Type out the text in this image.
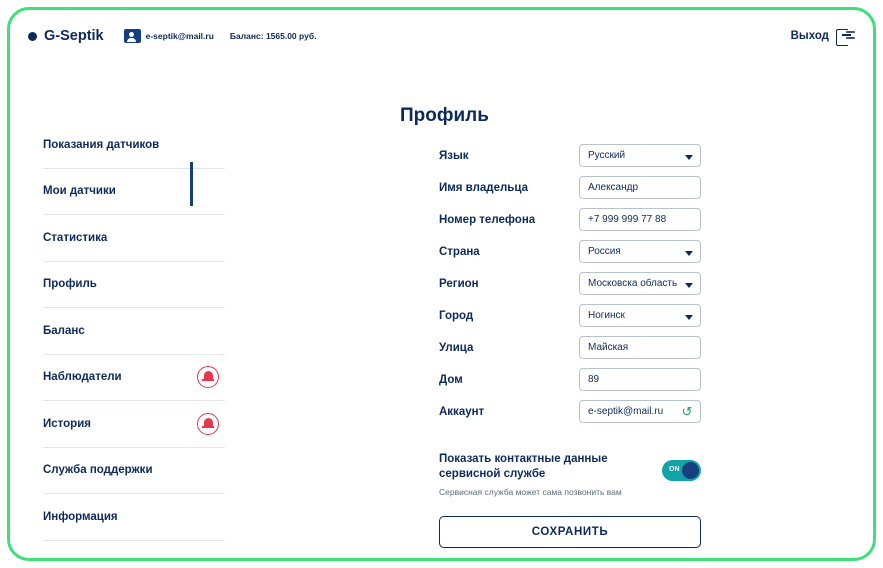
G-Septik	e-septik@mail.ru Баланс: 1565.00 руб.	Выход
Показания датчиков
Мои датчики
Статистика
Профиль
Баланс
Наблюдатели
История
Служба поддержки
Информация
Профиль
Язык	Русский
Имя владельца	Александр
Номер телефона	+7 999 999 77 88
Страна	Россия
Регион	Московска область
Город	Ногинск
Улица	Майская
Дом	89
Аккаунт	e-septik@mail.ru ↺
Показать контактные данные сервисной службе
Сервисная служба может сама позвонить вам
ON
СОХРАНИТЬ
